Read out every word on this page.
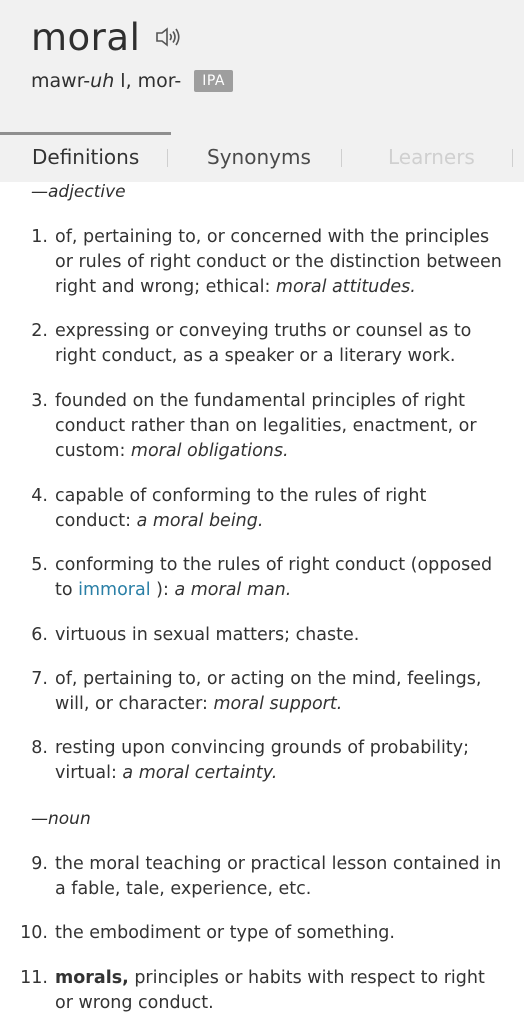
moral
mawr- uh l, mor-	IPA
Definitions	Synonyms	Learners
—adjective
1. of, pertaining to, or concerned with the principles or rules of right conduct or the distinction between right and wrong; ethical: moral attitudes.
2. expressing or conveying truths or counsel as to right conduct, as a speaker or a literary work.
3. founded on the fundamental principles of right conduct rather than on legalities, enactment, or custom: moral obligations.
4. capable of conforming to the rules of right conduct: a moral being.
5. conforming to the rules of right conduct (opposed to immoral ): a moral man.
6. virtuous in sexual matters; chaste.
7. of, pertaining to, or acting on the mind, feelings, will, or character: moral support.
8. resting upon convincing grounds of probability; virtual: a moral certainty.
—noun
9. the moral teaching or practical lesson contained in a fable, tale, experience, etc.
10. the embodiment or type of something.
11. morals, principles or habits with respect to right or wrong conduct.
